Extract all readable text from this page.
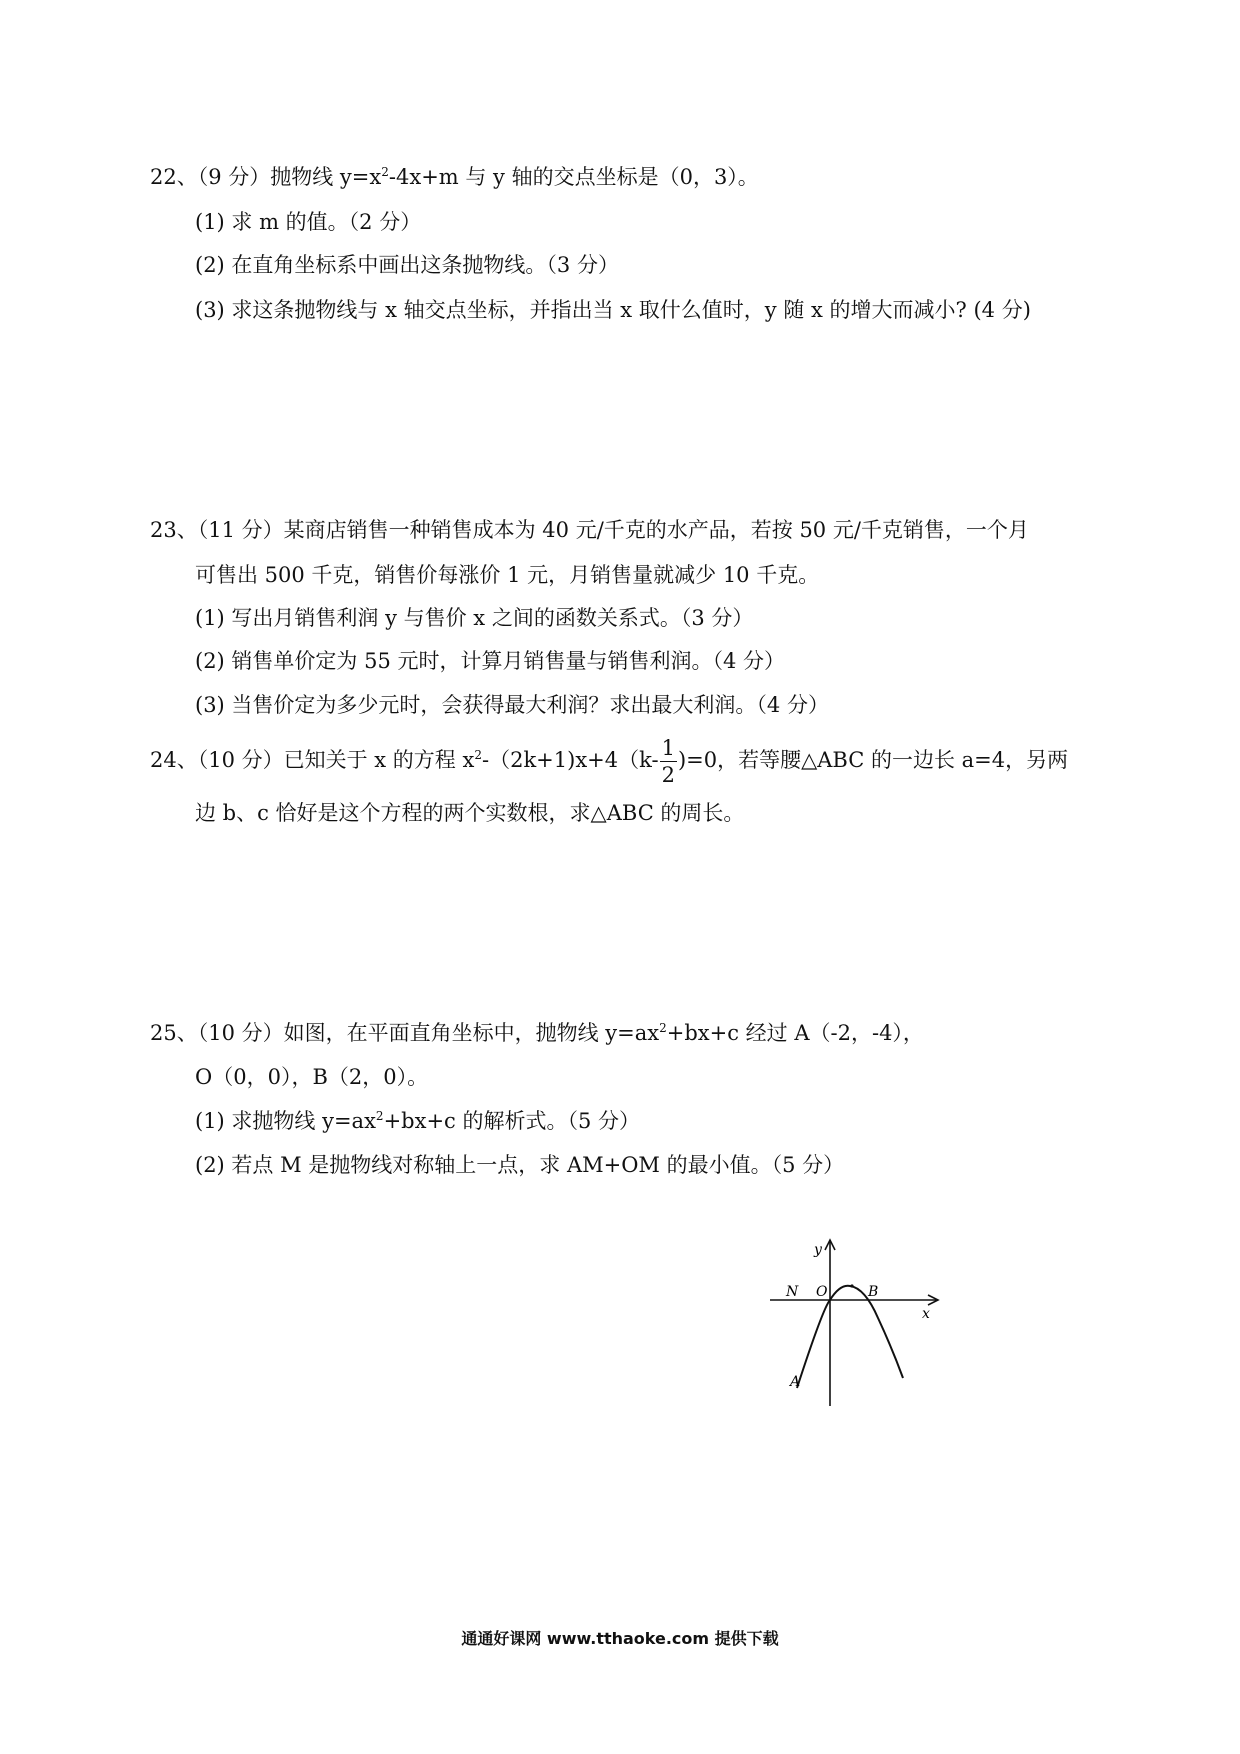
22、（9 分）抛物线 $y=x^2-4x+m$ 与 y 轴的交点坐标是（0，3）。
(1) 求 m 的值。（2 分）
(2) 在直角坐标系中画出这条抛物线。（3 分）
(3) 求这条抛物线与 x 轴交点坐标，并指出当 x 取什么值时，y 随 x 的增大而减小? (4 分)
23、（11 分）某商店销售一种销售成本为 40 元/千克的水产品，若按 50 元/千克销售，一个月
可售出 500 千克，销售价每涨价 1 元，月销售量就减少 10 千克。
(1) 写出月销售利润 y 与售价 x 之间的函数关系式。（3 分）
(2) 销售单价定为 55 元时，计算月销售量与销售利润。（4 分）
(3) 当售价定为多少元时，会获得最大利润？求出最大利润。（4 分）
24、（10 分）已知关于 x 的方程 $x^2-(2k+1)x+4(k- \frac{1}{2} )=0$，若等腰△ABC 的一边长 a=4，另两
边 b、c 恰好是这个方程的两个实数根，求△ABC 的周长。
25、（10 分）如图，在平面直角坐标中，抛物线 $y=ax^2+bx+c$ 经过 A（-2，-4），
O（0，0），B（2，0）。
(1) 求抛物线 $y=ax^2+bx+c$ 的解析式。（5 分）
(2) 若点 M 是抛物线对称轴上一点，求 AM+OM 的最小值。（5 分）
y
x
N O	B
A
通通好课网 www.tthaoke.com 提供下载
